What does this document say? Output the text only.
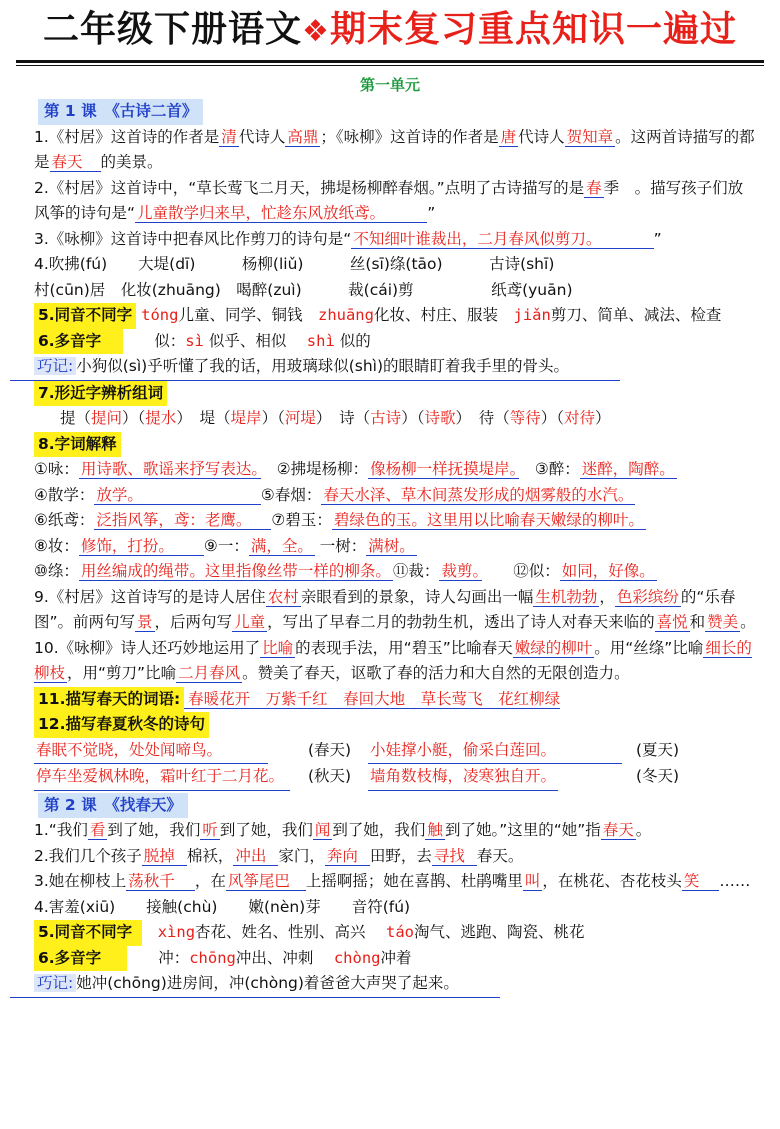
二年级下册语文❖期末复习重点知识一遍过
第一单元
第 1 课　《古诗二首》
1.《村居》这首诗的作者是 清 代诗人 高鼎 ；《咏柳》这首诗的作者是 唐 代诗人 贺知章 。这两首诗描写的都是 春天 的美景。
2.《村居》这首诗中，“草长莺飞二月天，拂堤杨柳醉春烟。”点明了古诗描写的是 春 季　。描写孩子们放风筝的诗句是“ 儿童散学归来早，忙趁东风放纸鸢。	”
3.《咏柳》这首诗中把春风比作剪刀的诗句是“ 不知细叶谁裁出，二月春风似剪刀。	”
4.吹拂(fú)　　大堤(dī)　　　杨柳(liǔ)　　　丝(sī)绦(tāo)　　　古诗(shī)
村(cūn)居　化妆(zhuāng)　喝醉(zuì)　　　裁(cái)剪　　　　　纸鸢(yuān)
5.同音不同字 tóng儿童、同学、铜钱　 zhuāng化妆、村庄、服装　 jiǎn剪刀、简单、减法、检查
6.多音字　　	似：sì 似乎、相似　 shì 似的
巧记: 小狗似(sì)乎听懂了我的话，用玻璃球似(shì)的眼睛盯着我手里的骨头。
7.形近字辨析组词
提（提问）（提水）　堤（堤岸）（河堤）　诗（古诗）（诗歌）　待（等待）（对待）
8.字词解释
①咏： 用诗歌、歌谣来抒写表达。　 ②拂堤杨柳： 像杨柳一样抚摸堤岸。　 ③醉： 迷醉，陶醉。
④散学： 放学。	⑤春烟： 春天水泽、草木间蒸发形成的烟雾般的水汽。
⑥纸鸢： 泛指风筝，鸢：老鹰。 ⑦碧玉： 碧绿色的玉。这里用以比喻春天嫩绿的柳叶。
⑧妆： 修饰，打扮。 ⑨一： 满，全。 一树： 满树。
⑩绦： 用丝编成的绳带。这里指像丝带一样的柳条。 ⑪裁： 裁剪。　　 ⑫似： 如同，好像。
9.《村居》这首诗写的是诗人居住 农村 亲眼看到的景象，诗人勾画出一幅 生机勃勃 ， 色彩缤纷 的“乐春图”。前两句写 景 ，后两句写 儿童 ，写出了早春二月的勃勃生机，透出了诗人对春天来临的 喜悦 和 赞美 。
10.《咏柳》诗人还巧妙地运用了 比喻 的表现手法，用“碧玉”比喻春天 嫩绿的柳叶 。用“丝绦”比喻 细长的柳枝 ，用“剪刀”比喻 二月春风 。赞美了春天，讴歌了春的活力和大自然的无限创造力。
11.描写春天的词语: 春暖花开　万紫千红　春回大地　草长莺飞　花红柳绿
12.描写春夏秋冬的诗句
春眠不觉晓，处处闻啼鸟。	(春天) 小娃撑小艇，偷采白莲回。	(夏天)
停车坐爱枫林晚，霜叶红于二月花。 (秋天) 墙角数枝梅，凌寒独自开。	(冬天)
第 2 课　《找春天》
1.“我们 看 到了她，我们 听 到了她，我们 闻 到了她，我们 触 到了她。”这里的“她”指 春天 。
2.我们几个孩子 脱掉 棉袄， 冲出 家门， 奔向 田野，去 寻找 春天。
3.她在柳枝上 荡秋千 ，在 风筝尾巴 上摇啊摇；她在喜鹊、杜鹃嘴里 叫 ，在桃花、杏花枝头 笑 ……
4.害羞(xiū)　　接触(chù)　　嫩(nèn)芽　　音符(fú)
5.同音不同字　 xìng杏花、姓名、性别、高兴　 táo淘气、逃跑、陶瓷、桃花
6.多音字　　	冲：chōng冲出、冲刺　 chòng冲着
巧记: 她冲(chōng)进房间，冲(chòng)着爸爸大声哭了起来。
